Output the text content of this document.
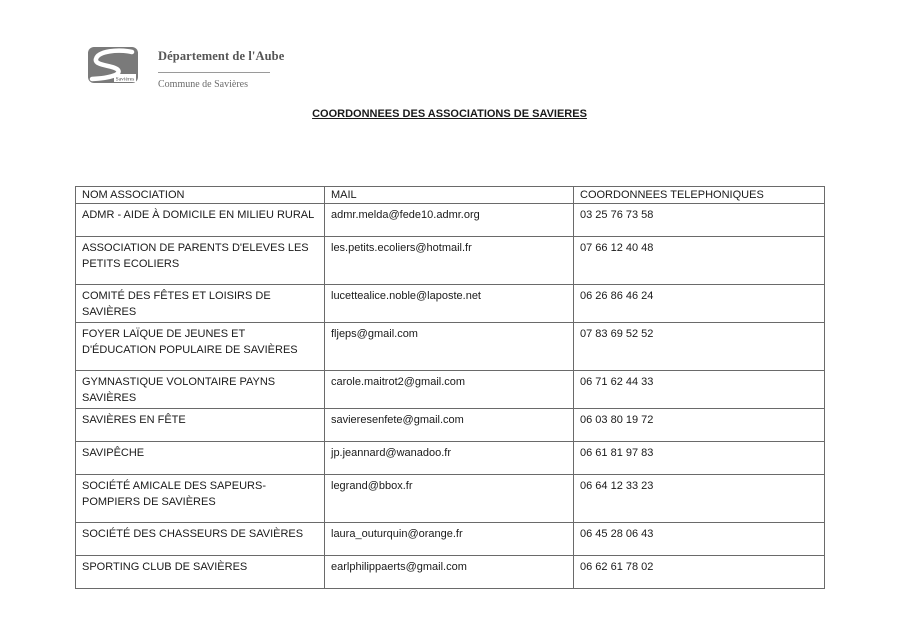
Savières
Département de l'Aube
Commune de Savières
COORDONNEES DES ASSOCIATIONS DE SAVIERES
NOM ASSOCIATION	MAIL	COORDONNEES TELEPHONIQUES
ADMR - AIDE À DOMICILE EN MILIEU RURAL	admr.melda@fede10.admr.org	03 25 76 73 58
ASSOCIATION DE PARENTS D'ELEVES LES PETITS ECOLIERS	les.petits.ecoliers@hotmail.fr	07 66 12 40 48
COMITÉ DES FÊTES ET LOISIRS DE SAVIÈRES	lucettealice.noble@laposte.net	06 26 86 46 24
FOYER LAÏQUE DE JEUNES ET D'ÉDUCATION POPULAIRE DE SAVIÈRES	fljeps@gmail.com	07 83 69 52 52
GYMNASTIQUE VOLONTAIRE PAYNS SAVIÈRES	carole.maitrot2@gmail.com	06 71 62 44 33
SAVIÈRES EN FÊTE	savieresenfete@gmail.com	06 03 80 19 72
SAVIPÊCHE	jp.jeannard@wanadoo.fr	06 61 81 97 83
SOCIÉTÉ AMICALE DES SAPEURS-POMPIERS DE SAVIÈRES	legrand@bbox.fr	06 64 12 33 23
SOCIÉTÉ DES CHASSEURS DE SAVIÈRES	laura_outurquin@orange.fr	06 45 28 06 43
SPORTING CLUB DE SAVIÈRES	earlphilippaerts@gmail.com	06 62 61 78 02
